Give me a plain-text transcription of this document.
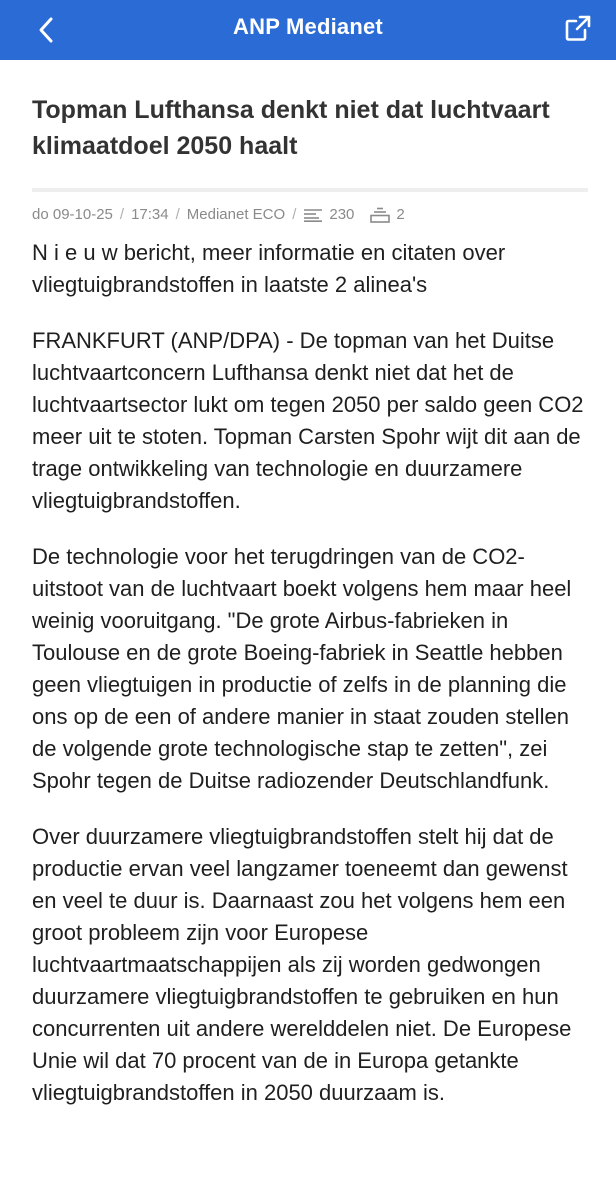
ANP Medianet
Topman Lufthansa denkt niet dat luchtvaart klimaatdoel 2050 haalt
do 09-10-25 / 17:34 / Medianet ECO / 230	2

N i e u w bericht, meer informatie en citaten over vliegtuigbrandstoffen in laatste 2 alinea's

FRANKFURT (ANP/DPA) - De topman van het Duitse luchtvaartconcern Lufthansa denkt niet dat het de luchtvaartsector lukt om tegen 2050 per saldo geen CO2 meer uit te stoten. Topman Carsten Spohr wijt dit aan de trage ontwikkeling van technologie en duurzamere vliegtuigbrandstoffen.

De technologie voor het terugdringen van de CO2-uitstoot van de luchtvaart boekt volgens hem maar heel weinig vooruitgang. "De grote Airbus-fabrieken in Toulouse en de grote Boeing-fabriek in Seattle hebben geen vliegtuigen in productie of zelfs in de planning die ons op de een of andere manier in staat zouden stellen de volgende grote technologische stap te zetten", zei Spohr tegen de Duitse radiozender Deutschlandfunk.

Over duurzamere vliegtuigbrandstoffen stelt hij dat de productie ervan veel langzamer toeneemt dan gewenst en veel te duur is. Daarnaast zou het volgens hem een groot probleem zijn voor Europese luchtvaartmaatschappijen als zij worden gedwongen duurzamere vliegtuigbrandstoffen te gebruiken en hun concurrenten uit andere werelddelen niet. De Europese Unie wil dat 70 procent van de in Europa getankte vliegtuigbrandstoffen in 2050 duurzaam is.
